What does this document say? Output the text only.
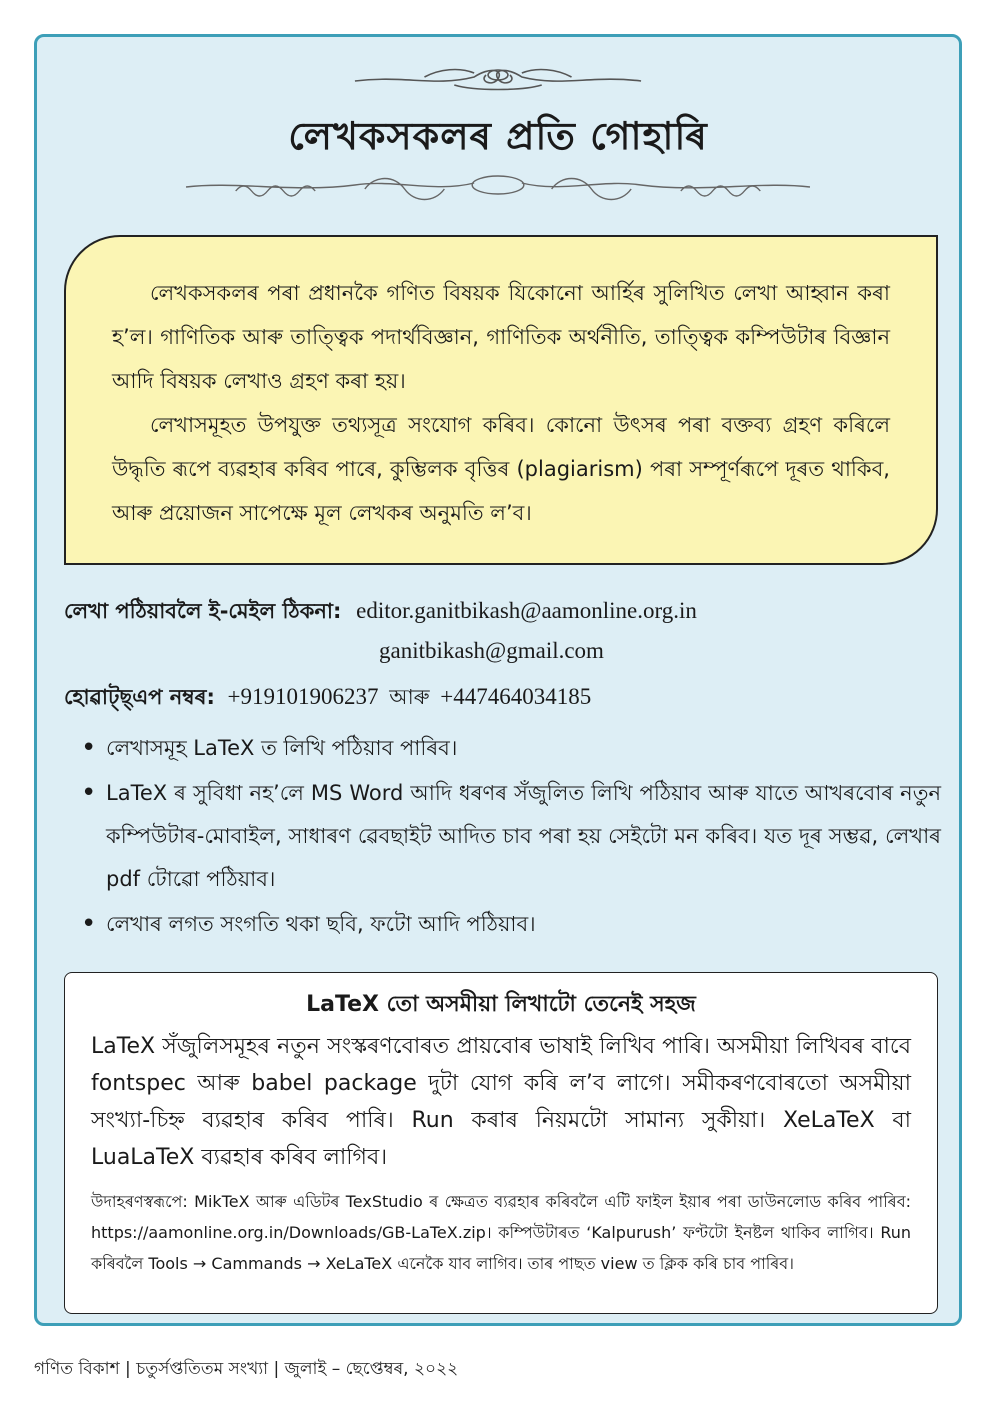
লেখকসকলৰ প্ৰতি গোহাৰি

লেখকসকলৰ পৰা প্ৰধানকৈ গণিত বিষয়ক যিকোনো আৰ্হিৰ সুলিখিত লেখা আহ্বান কৰা হ’ল। গাণিতিক আৰু তাত্ত্বিক পদাৰ্থবিজ্ঞান, গাণিতিক অৰ্থনীতি, তাত্ত্বিক কম্পিউটাৰ বিজ্ঞান আদি বিষয়ক লেখাও গ্ৰহণ কৰা হয়।

লেখাসমূহত উপযুক্ত তথ্যসূত্ৰ সংযোগ কৰিব। কোনো উৎসৰ পৰা বক্তব্য গ্ৰহণ কৰিলে উদ্ধৃতি ৰূপে ব্যৱহাৰ কৰিব পাৰে, কুম্ভিলক বৃত্তিৰ (plagiarism) পৰা সম্পূৰ্ণৰূপে দূৰত থাকিব, আৰু প্ৰয়োজন সাপেক্ষে মূল লেখকৰ অনুমতি ল’ব।

লেখা পঠিয়াবলৈ ই-মেইল ঠিকনা: editor.ganitbikash@aamonline.org.in
ganitbikash@gmail.com
হোৱাট্‌ছ্‌এপ নম্বৰ: +919101906237 আৰু +447464034185
• লেখাসমূহ LaTeX ত লিখি পঠিয়াব পাৰিব।
• LaTeX ৰ সুবিধা নহ’লে MS Word আদি ধৰণৰ সঁজুলিত লিখি পঠিয়াব আৰু যাতে আখৰবোৰ নতুন কম্পিউটাৰ-মোবাইল, সাধাৰণ ৱেবছাইট আদিত চাব পৰা হয় সেইটো মন কৰিব। যত দূৰ সম্ভৱ, লেখাৰ pdf টোৱো পঠিয়াব।
• লেখাৰ লগত সংগতি থকা ছবি, ফটো আদি পঠিয়াব।
LaTeX তো অসমীয়া লিখাটো তেনেই সহজ
LaTeX সঁজুলিসমূহৰ নতুন সংস্কৰণবোৰত প্ৰায়বোৰ ভাষাই লিখিব পাৰি। অসমীয়া লিখিবৰ বাবে fontspec আৰু babel package দুটা যোগ কৰি ল’ব লাগে। সমীকৰণবোৰতো অসমীয়া সংখ্যা-চিহ্ন ব্যৱহাৰ কৰিব পাৰি। Run কৰাৰ নিয়মটো সামান্য সুকীয়া। XeLaTeX বা LuaLaTeX ব্যৱহাৰ কৰিব লাগিব।
উদাহৰণস্বৰূপে: MikTeX আৰু এডিটৰ TexStudio ৰ ক্ষেত্ৰত ব্যৱহাৰ কৰিবলৈ এটি ফাইল ইয়াৰ পৰা ডাউনলোড কৰিব পাৰিব: https://aamonline.org.in/Downloads/GB-LaTeX.zip। কম্পিউটাৰত ‘Kalpurush’ ফণ্টটো ইনষ্টল থাকিব লাগিব। Run কৰিবলৈ Tools → Cammands → XeLaTeX এনেকৈ যাব লাগিব। তাৰ পাছত view ত ক্লিক কৰি চাব পাৰিব।
গণিত বিকাশ | চতুৰ্সপ্ততিতম সংখ্যা | জুলাই – ছেপ্তেম্বৰ, ২০২২
